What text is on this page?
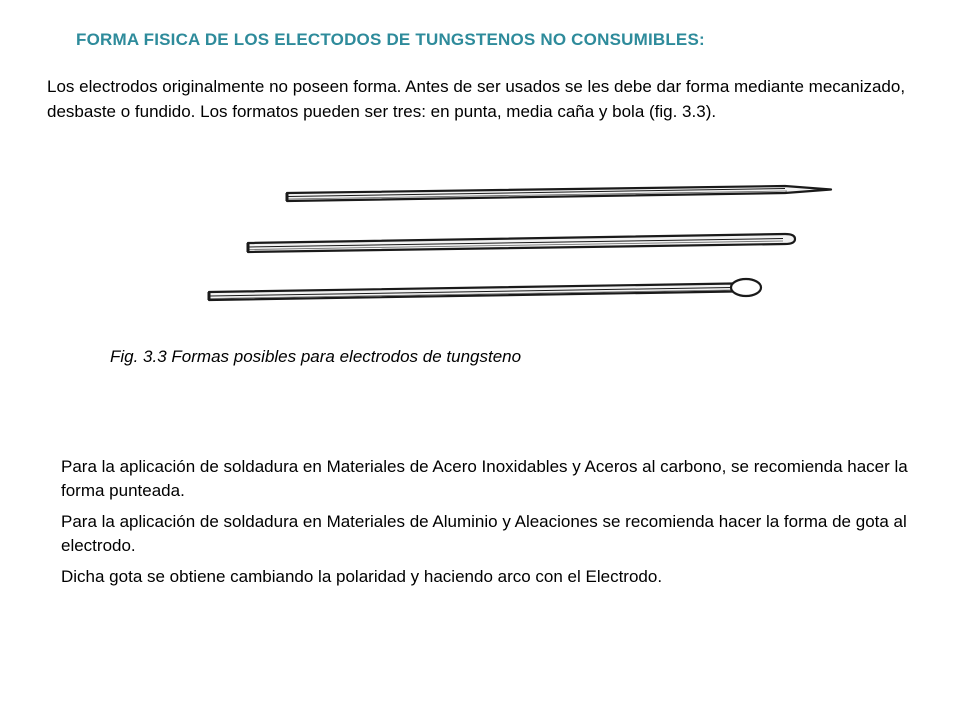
FORMA FISICA DE LOS ELECTODOS DE TUNGSTENOS NO CONSUMIBLES:

Los electrodos originalmente no poseen forma. Antes de ser usados se les debe dar forma mediante mecanizado, desbaste o fundido. Los formatos pueden ser tres: en punta, media caña y bola (fig. 3.3).

Fig. 3.3 Formas posibles para electrodos de tungsteno

Para la aplicación de soldadura en Materiales de Acero Inoxidables y Aceros al carbono, se recomienda hacer la forma punteada.

Para la aplicación de soldadura en Materiales de Aluminio y Aleaciones se recomienda hacer la forma de gota al electrodo.

Dicha gota se obtiene cambiando la polaridad y haciendo arco con el Electrodo.
